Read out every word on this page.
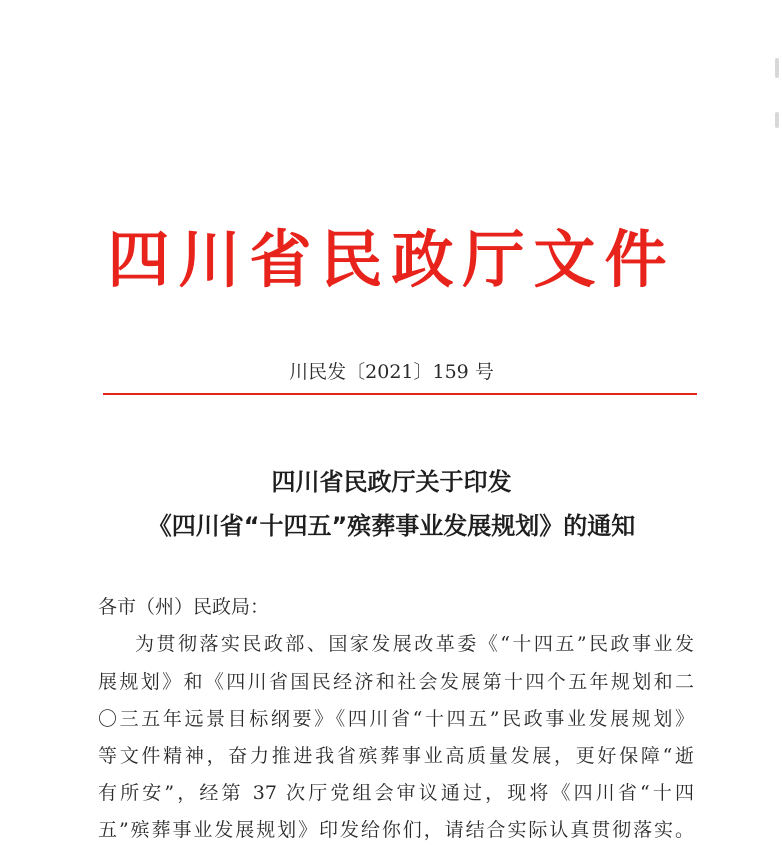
四川省民政厅文件
川民发〔2021〕159 号
四川省民政厅关于印发
《四川省“十四五”殡葬事业发展规划》的通知
各市（州）民政局：
为贯彻落实民政部、国家发展改革委《“十四五”民政事业发
展规划》和《四川省国民经济和社会发展第十四个五年规划和二
〇三五年远景目标纲要》《四川省“十四五”民政事业发展规划》
等文件精神，奋力推进我省殡葬事业高质量发展，更好保障“逝
有所安”，经第 37 次厅党组会审议通过，现将《四川省“十四
五”殡葬事业发展规划》印发给你们，请结合实际认真贯彻落实。
